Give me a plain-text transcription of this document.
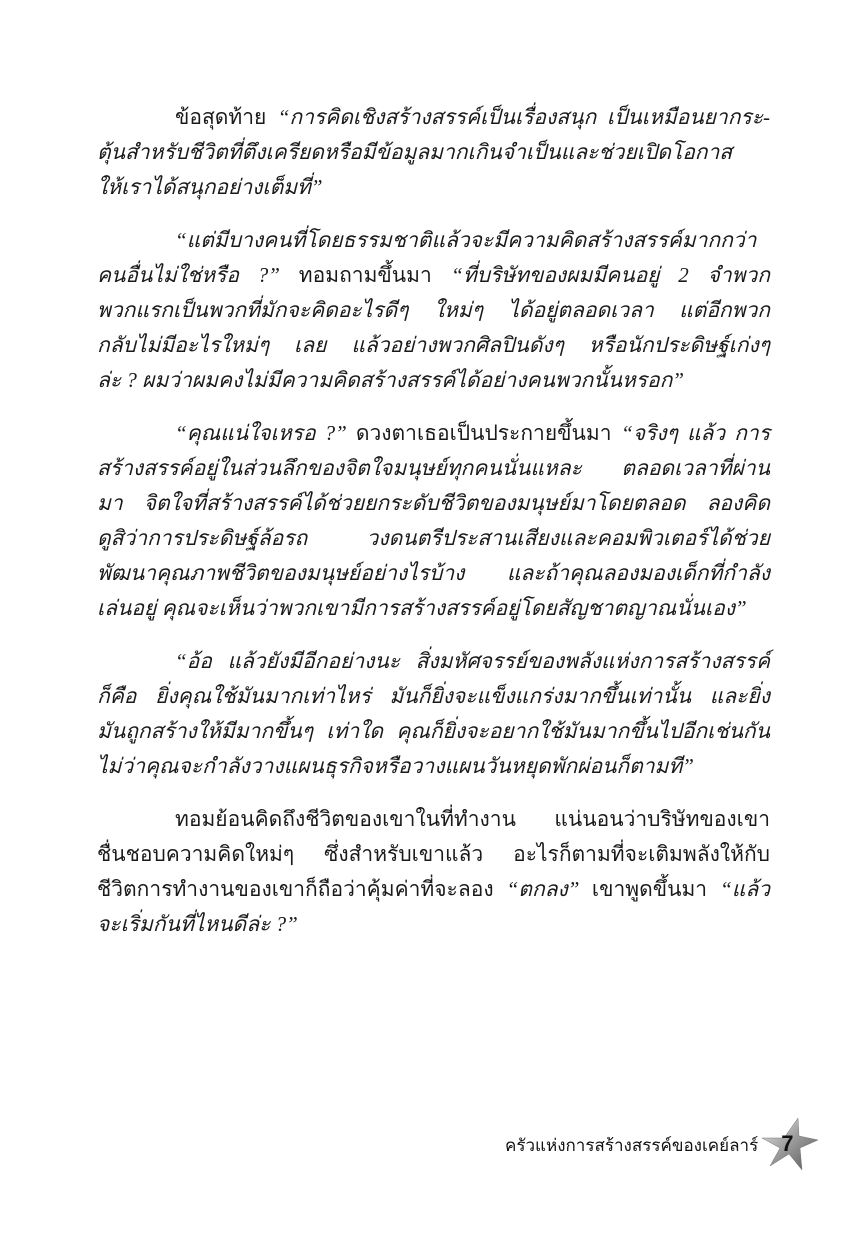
ข้อสุดท้าย “การคิดเชิงสร้างสรรค์เป็นเรื่องสนุก เป็นเหมือนยากระ-
ตุ้นสำหรับชีวิตที่ตึงเครียดหรือมีข้อมูลมากเกินจำเป็นและช่วยเปิดโอกาส
ให้เราได้สนุกอย่างเต็มที่”
“แต่มีบางคนที่โดยธรรมชาติแล้วจะมีความคิดสร้างสรรค์มากกว่า
คนอื่นไม่ใช่หรือ ?” ทอมถามขึ้นมา “ที่บริษัทของผมมีคนอยู่ 2 จำพวก
พวกแรกเป็นพวกที่มักจะคิดอะไรดีๆ ใหม่ๆ ได้อยู่ตลอดเวลา แต่อีกพวก
กลับไม่มีอะไรใหม่ๆ เลย แล้วอย่างพวกศิลปินดังๆ หรือนักประดิษฐ์เก่งๆ
ล่ะ ? ผมว่าผมคงไม่มีความคิดสร้างสรรค์ได้อย่างคนพวกนั้นหรอก”
“คุณแน่ใจเหรอ ?” ดวงตาเธอเป็นประกายขึ้นมา “จริงๆ แล้ว การ
สร้างสรรค์อยู่ในส่วนลึกของจิตใจมนุษย์ทุกคนนั่นแหละ ตลอดเวลาที่ผ่าน
มา จิตใจที่สร้างสรรค์ได้ช่วยยกระดับชีวิตของมนุษย์มาโดยตลอด ลองคิด
ดูสิว่าการประดิษฐ์ล้อรถ วงดนตรีประสานเสียงและคอมพิวเตอร์ได้ช่วย
พัฒนาคุณภาพชีวิตของมนุษย์อย่างไรบ้าง และถ้าคุณลองมองเด็กที่กำลัง
เล่นอยู่ คุณจะเห็นว่าพวกเขามีการสร้างสรรค์อยู่โดยสัญชาตญาณนั่นเอง”
“อ้อ แล้วยังมีอีกอย่างนะ สิ่งมหัศจรรย์ของพลังแห่งการสร้างสรรค์
ก็คือ ยิ่งคุณใช้มันมากเท่าไหร่ มันก็ยิ่งจะแข็งแกร่งมากขึ้นเท่านั้น และยิ่ง
มันถูกสร้างให้มีมากขึ้นๆ เท่าใด คุณก็ยิ่งจะอยากใช้มันมากขึ้นไปอีกเช่นกัน
ไม่ว่าคุณจะกำลังวางแผนธุรกิจหรือวางแผนวันหยุดพักผ่อนก็ตามที”
ทอมย้อนคิดถึงชีวิตของเขาในที่ทำงาน แน่นอนว่าบริษัทของเขา
ชื่นชอบความคิดใหม่ๆ ซึ่งสำหรับเขาแล้ว อะไรก็ตามที่จะเติมพลังให้กับ
ชีวิตการทำงานของเขาก็ถือว่าคุ้มค่าที่จะลอง “ตกลง” เขาพูดขึ้นมา “แล้ว
จะเริ่มกันที่ไหนดีล่ะ ?”
ครัวแห่งการสร้างสรรค์ของเคย์ลาร์ 7
